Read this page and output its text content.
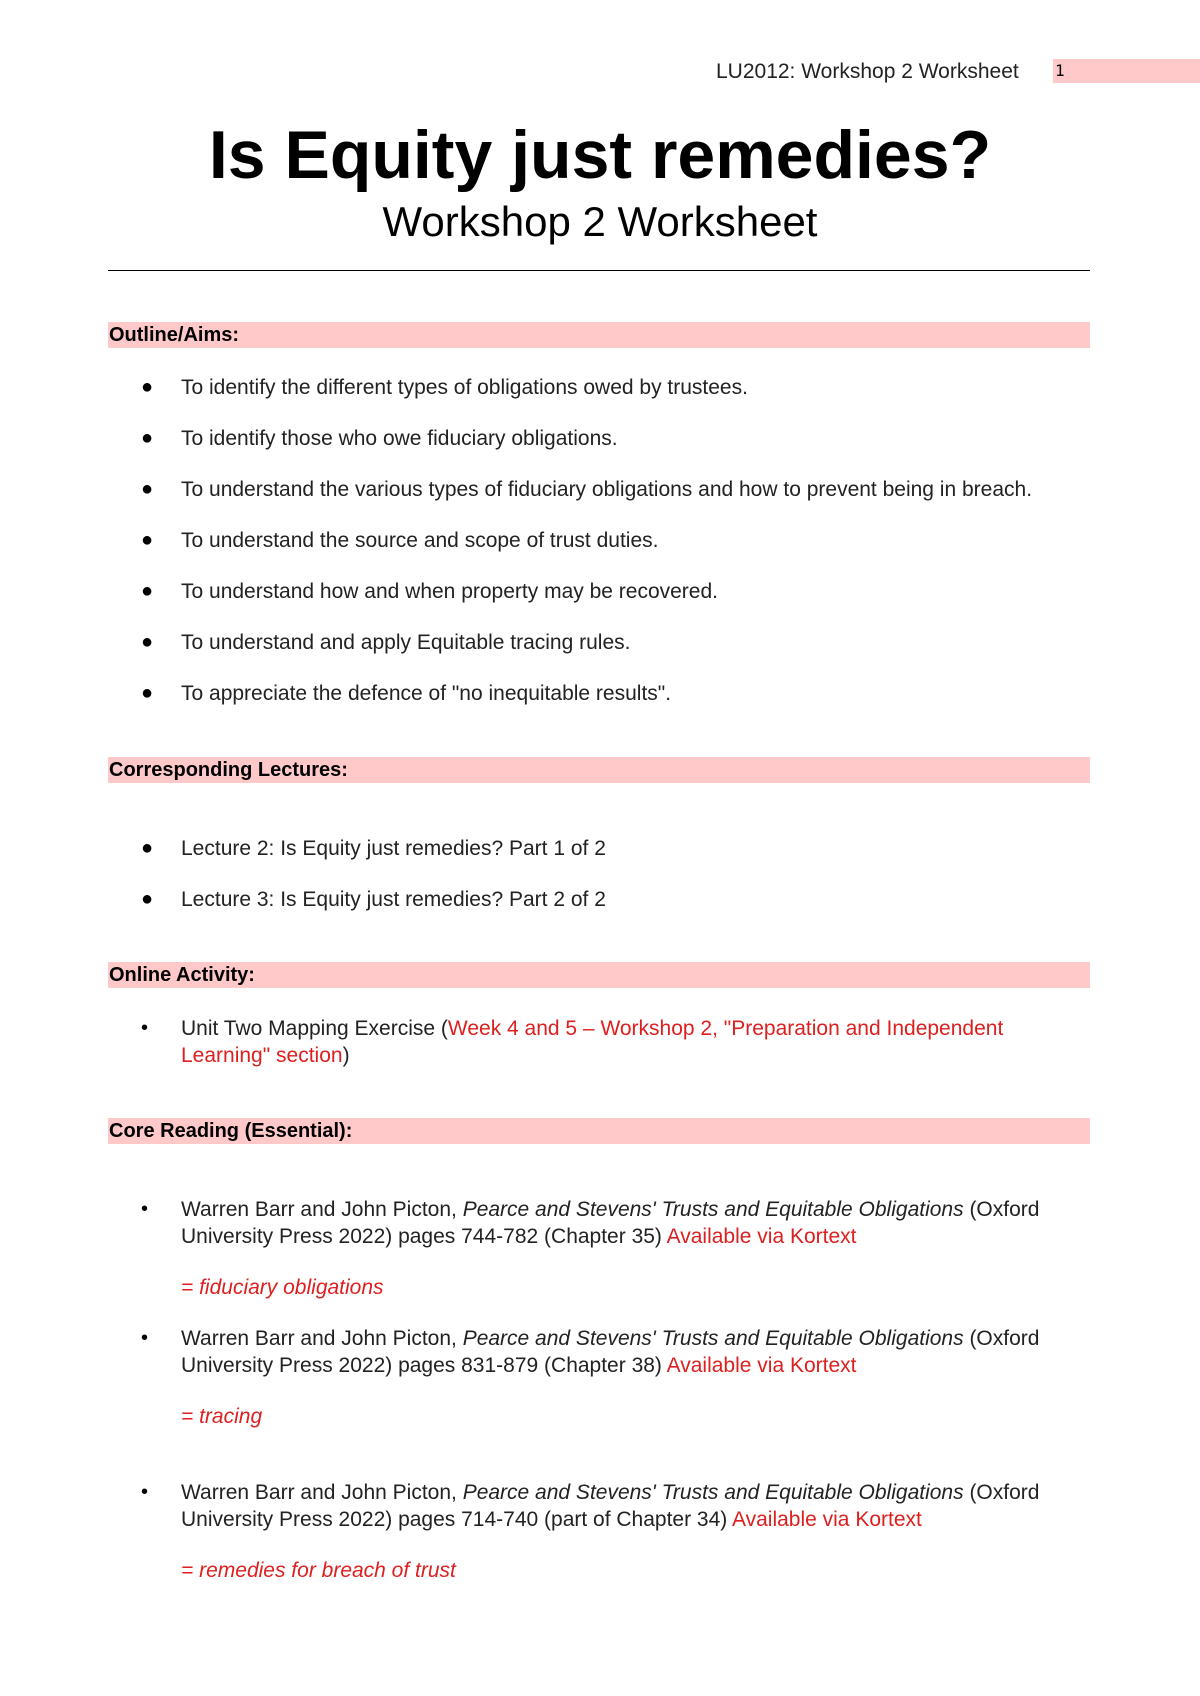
LU2012: Workshop 2 Worksheet 1
Is Equity just remedies?
Workshop 2 Worksheet
Outline/Aims:
● To identify the different types of obligations owed by trustees.
● To identify those who owe fiduciary obligations.
● To understand the various types of fiduciary obligations and how to prevent being in breach.
● To understand the source and scope of trust duties.
● To understand how and when property may be recovered.
● To understand and apply Equitable tracing rules.
● To appreciate the defence of "no inequitable results".
Corresponding Lectures:
● Lecture 2: Is Equity just remedies? Part 1 of 2
● Lecture 3: Is Equity just remedies? Part 2 of 2
Online Activity:
• Unit Two Mapping Exercise (Week 4 and 5 – Workshop 2, "Preparation and Independent Learning" section)
Core Reading (Essential):
• Warren Barr and John Picton, Pearce and Stevens' Trusts and Equitable Obligations (Oxford University Press 2022) pages 744-782 (Chapter 35) Available via Kortext
= fiduciary obligations
• Warren Barr and John Picton, Pearce and Stevens' Trusts and Equitable Obligations (Oxford University Press 2022) pages 831-879 (Chapter 38) Available via Kortext
= tracing
• Warren Barr and John Picton, Pearce and Stevens' Trusts and Equitable Obligations (Oxford University Press 2022) pages 714-740 (part of Chapter 34) Available via Kortext
= remedies for breach of trust
